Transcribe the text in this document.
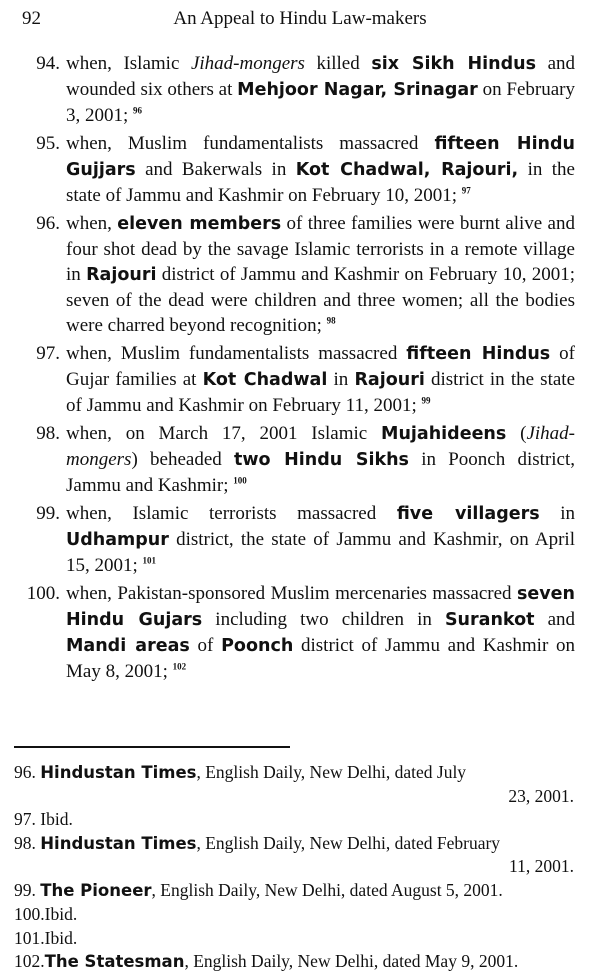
92	An Appeal to Hindu Law-makers
94. when, Islamic Jihad-mongers killed six Sikh Hindus and wounded six others at Mehjoor Nagar, Srinagar on February 3, 2001; $^{96}$
95. when, Muslim fundamentalists massacred fifteen Hindu Gujjars and Bakerwals in Kot Chadwal, Rajouri, in the state of Jammu and Kashmir on February 10, 2001; $^{97}$
96. when, eleven members of three families were burnt alive and four shot dead by the savage Islamic terrorists in a remote village in Rajouri district of Jammu and Kashmir on February 10, 2001; seven of the dead were children and three women; all the bodies were charred beyond recognition; $^{98}$
97. when, Muslim fundamentalists massacred fifteen Hindus of Gujar families at Kot Chadwal in Rajouri district in the state of Jammu and Kashmir on February 11, 2001; $^{99}$
98. when, on March 17, 2001 Islamic Mujahideens (Jihad-mongers) beheaded two Hindu Sikhs in Poonch district, Jammu and Kashmir; $^{100}$
99. when, Islamic terrorists massacred five villagers in Udhampur district, the state of Jammu and Kashmir, on April 15, 2001; $^{101}$
100. when, Pakistan-sponsored Muslim mercenaries massacred seven Hindu Gujars including two children in Surankot and Mandi areas of Poonch district of Jammu and Kashmir on May 8, 2001; $^{102}$
96. Hindustan Times, English Daily, New Delhi, dated July
23, 2001.
97. Ibid.
98. Hindustan Times, English Daily, New Delhi, dated February
11, 2001.
99. The Pioneer, English Daily, New Delhi, dated August 5, 2001.
100.Ibid.
101.Ibid.
102.The Statesman, English Daily, New Delhi, dated May 9, 2001.
